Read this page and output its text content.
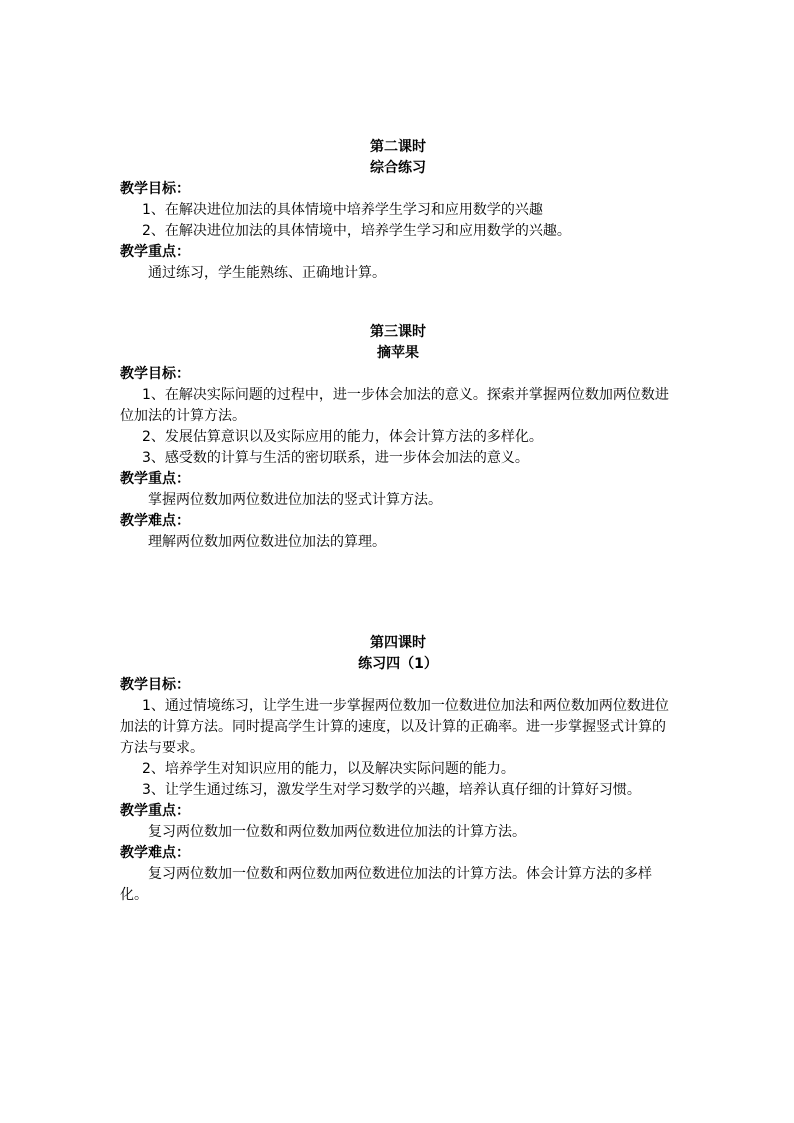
第二课时
综合练习
教学目标：
1、在解决进位加法的具体情境中培养学生学习和应用数学的兴趣
2、在解决进位加法的具体情境中，培养学生学习和应用数学的兴趣。
教学重点：
通过练习，学生能熟练、正确地计算。
第三课时
摘苹果
教学目标：
1、在解决实际问题的过程中，进一步体会加法的意义。探索并掌握两位数加两位数进位加法的计算方法。
2、发展估算意识以及实际应用的能力，体会计算方法的多样化。
3、感受数的计算与生活的密切联系，进一步体会加法的意义。
教学重点：
掌握两位数加两位数进位加法的竖式计算方法。
教学难点：
理解两位数加两位数进位加法的算理。
第四课时
练习四（1）
教学目标：
1、通过情境练习，让学生进一步掌握两位数加一位数进位加法和两位数加两位数进位加法的计算方法。同时提高学生计算的速度，以及计算的正确率。进一步掌握竖式计算的方法与要求。
2、培养学生对知识应用的能力，以及解决实际问题的能力。
3、让学生通过练习，激发学生对学习数学的兴趣，培养认真仔细的计算好习惯。
教学重点：
复习两位数加一位数和两位数加两位数进位加法的计算方法。
教学难点：
复习两位数加一位数和两位数加两位数进位加法的计算方法。体会计算方法的多样化。
